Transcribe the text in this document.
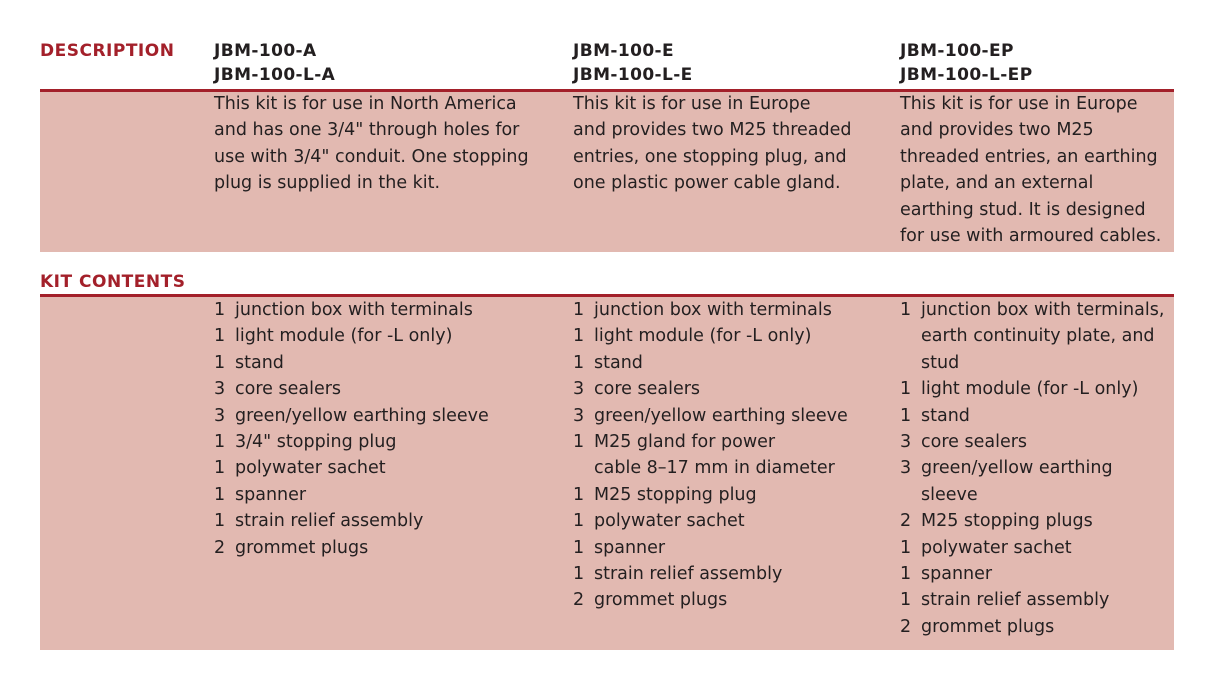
DESCRIPTION JBM-100-A
JBM-100-L-A
JBM-100-E
JBM-100-L-E
JBM-100-EP
JBM-100-L-EP
This kit is for use in North America
and has one 3/4" through holes for
use with 3/4" conduit. One stopping
plug is supplied in the kit.
This kit is for use in Europe
and provides two M25 threaded
entries, one stopping plug, and
one plastic power cable gland.
This kit is for use in Europe
and provides two M25
threaded entries, an earthing
plate, and an external
earthing stud. It is designed
for use with armoured cables.
KIT CONTENTS
1 junction box with terminals
1 light module (for -L only)
1 stand
3 core sealers
3 green/yellow earthing sleeve
1 3/4" stopping plug
1 polywater sachet
1 spanner
1 strain relief assembly
2 grommet plugs
1 junction box with terminals
1 light module (for -L only)
1 stand
3 core sealers
3 green/yellow earthing sleeve
1 M25 gland for power
cable 8–17 mm in diameter
1 M25 stopping plug
1 polywater sachet
1 spanner
1 strain relief assembly
2 grommet plugs
1 junction box with terminals,
earth continuity plate, and
stud
1 light module (for -L only)
1 stand
3 core sealers
3 green/yellow earthing
sleeve
2 M25 stopping plugs
1 polywater sachet
1 spanner
1 strain relief assembly
2 grommet plugs
